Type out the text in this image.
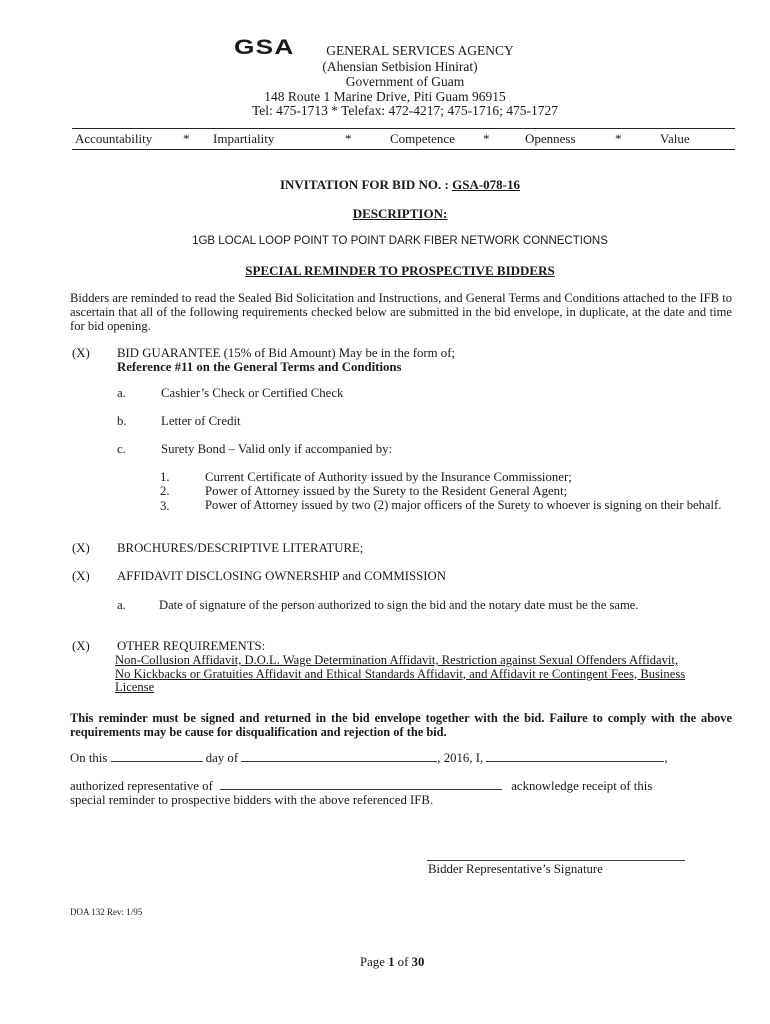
GSA	GENERAL SERVICES AGENCY
(Ahensian Setbision Hinirat)
Government of Guam
148 Route 1 Marine Drive, Piti Guam 96915
Tel: 475-1713 * Telefax: 472-4217; 475-1716; 475-1727
Accountability * Impartiality	*	Competence *	Openness	*	Value
INVITATION FOR BID NO. : GSA-078-16
DESCRIPTION:
1GB LOCAL LOOP POINT TO POINT DARK FIBER NETWORK CONNECTIONS
SPECIAL REMINDER TO PROSPECTIVE BIDDERS
Bidders are reminded to read the Sealed Bid Solicitation and Instructions, and General Terms and Conditions attached to the IFB to ascertain that all of the following requirements checked below are submitted in the bid envelope, in duplicate, at the date and time for bid opening.
(X) BID GUARANTEE (15% of Bid Amount) May be in the form of;
Reference #11 on the General Terms and Conditions
a.	Cashier’s Check or Certified Check
b.	Letter of Credit
c.	Surety Bond – Valid only if accompanied by:
1.	Current Certificate of Authority issued by the Insurance Commissioner;
2.	Power of Attorney issued by the Surety to the Resident General Agent;
3.	Power of Attorney issued by two (2) major officers of the Surety to whoever is signing on their behalf.
(X) BROCHURES/DESCRIPTIVE LITERATURE;
(X) AFFIDAVIT DISCLOSING OWNERSHIP and COMMISSION
a.	Date of signature of the person authorized to sign the bid and the notary date must be the same.
(X) OTHER REQUIREMENTS:
Non-Collusion Affidavit, D.O.L. Wage Determination Affidavit, Restriction against Sexual Offenders Affidavit, No Kickbacks or Gratuities Affidavit and Ethical Standards Affidavit, and Affidavit re Contingent Fees, Business License
This reminder must be signed and returned in the bid envelope together with the bid. Failure to comply with the above requirements may be cause for disqualification and rejection of the bid.
On this	day of	, 2016, I,	,
authorized representative of	acknowledge receipt of this
special reminder to prospective bidders with the above referenced IFB.
Bidder Representative’s Signature
DOA 132 Rev: 1/95
Page 1 of 30
